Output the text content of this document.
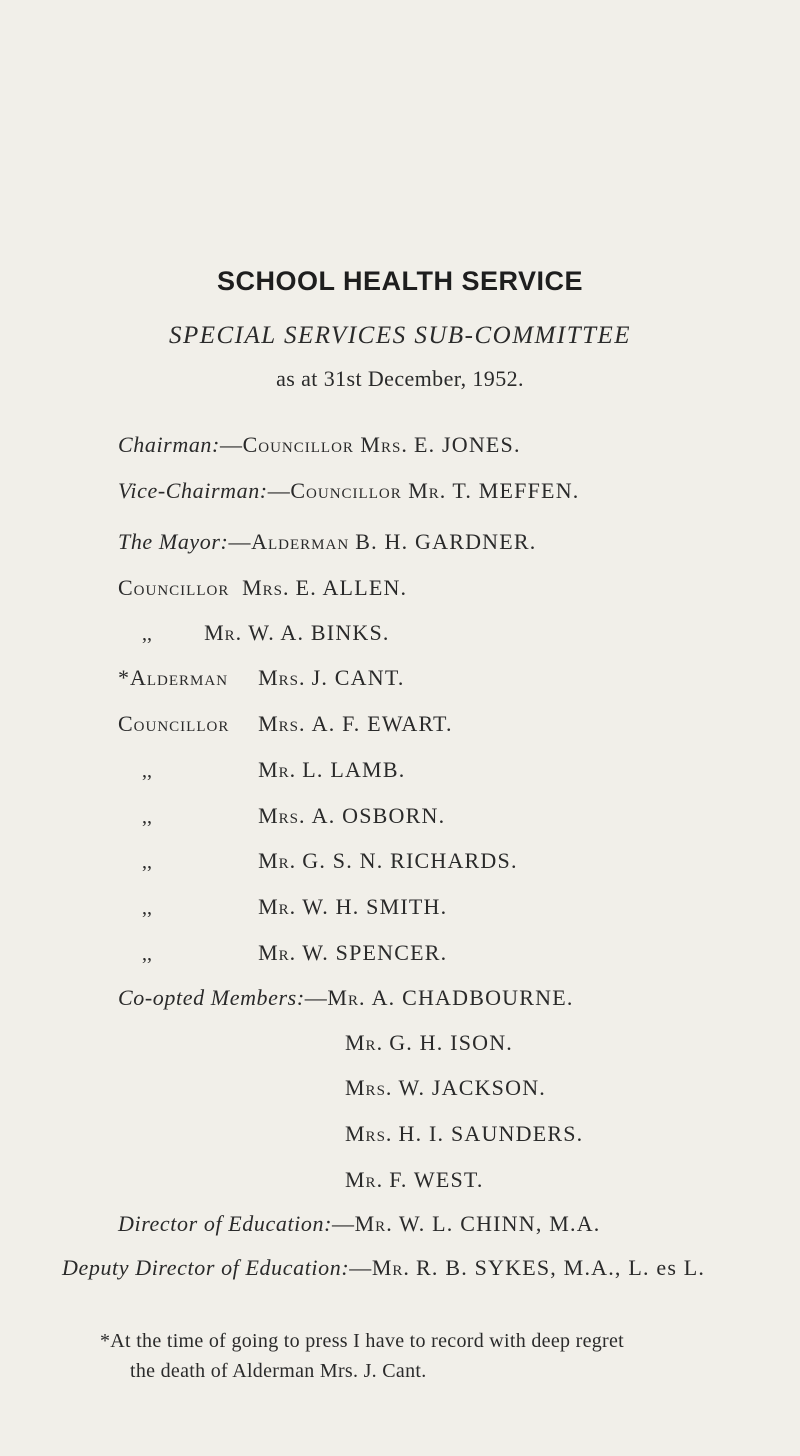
SCHOOL HEALTH SERVICE
SPECIAL SERVICES SUB-COMMITTEE
as at 31st December, 1952.
Chairman:—Councillor Mrs. E. JONES.
Vice-Chairman:—Councillor Mr. T. MEFFEN.
The Mayor:—Alderman B. H. GARDNER.
Councillor Mrs. E. ALLEN.
,, Mr. W. A. BINKS.
*Alderman Mrs. J. CANT.
Councillor Mrs. A. F. EWART.
,,	Mr. L. LAMB.
,,	Mrs. A. OSBORN.
,,	Mr. G. S. N. RICHARDS.
,,	Mr. W. H. SMITH.
,,	Mr. W. SPENCER.
Co-opted Members:—Mr. A. CHADBOURNE.
Mr. G. H. ISON.
Mrs. W. JACKSON.
Mrs. H. I. SAUNDERS.
Mr. F. WEST.
Director of Education:—Mr. W. L. CHINN, M.A.
Deputy Director of Education:—Mr. R. B. SYKES, M.A., L. es L.
*At the time of going to press I have to record with deep regret
the death of Alderman Mrs. J. Cant.
